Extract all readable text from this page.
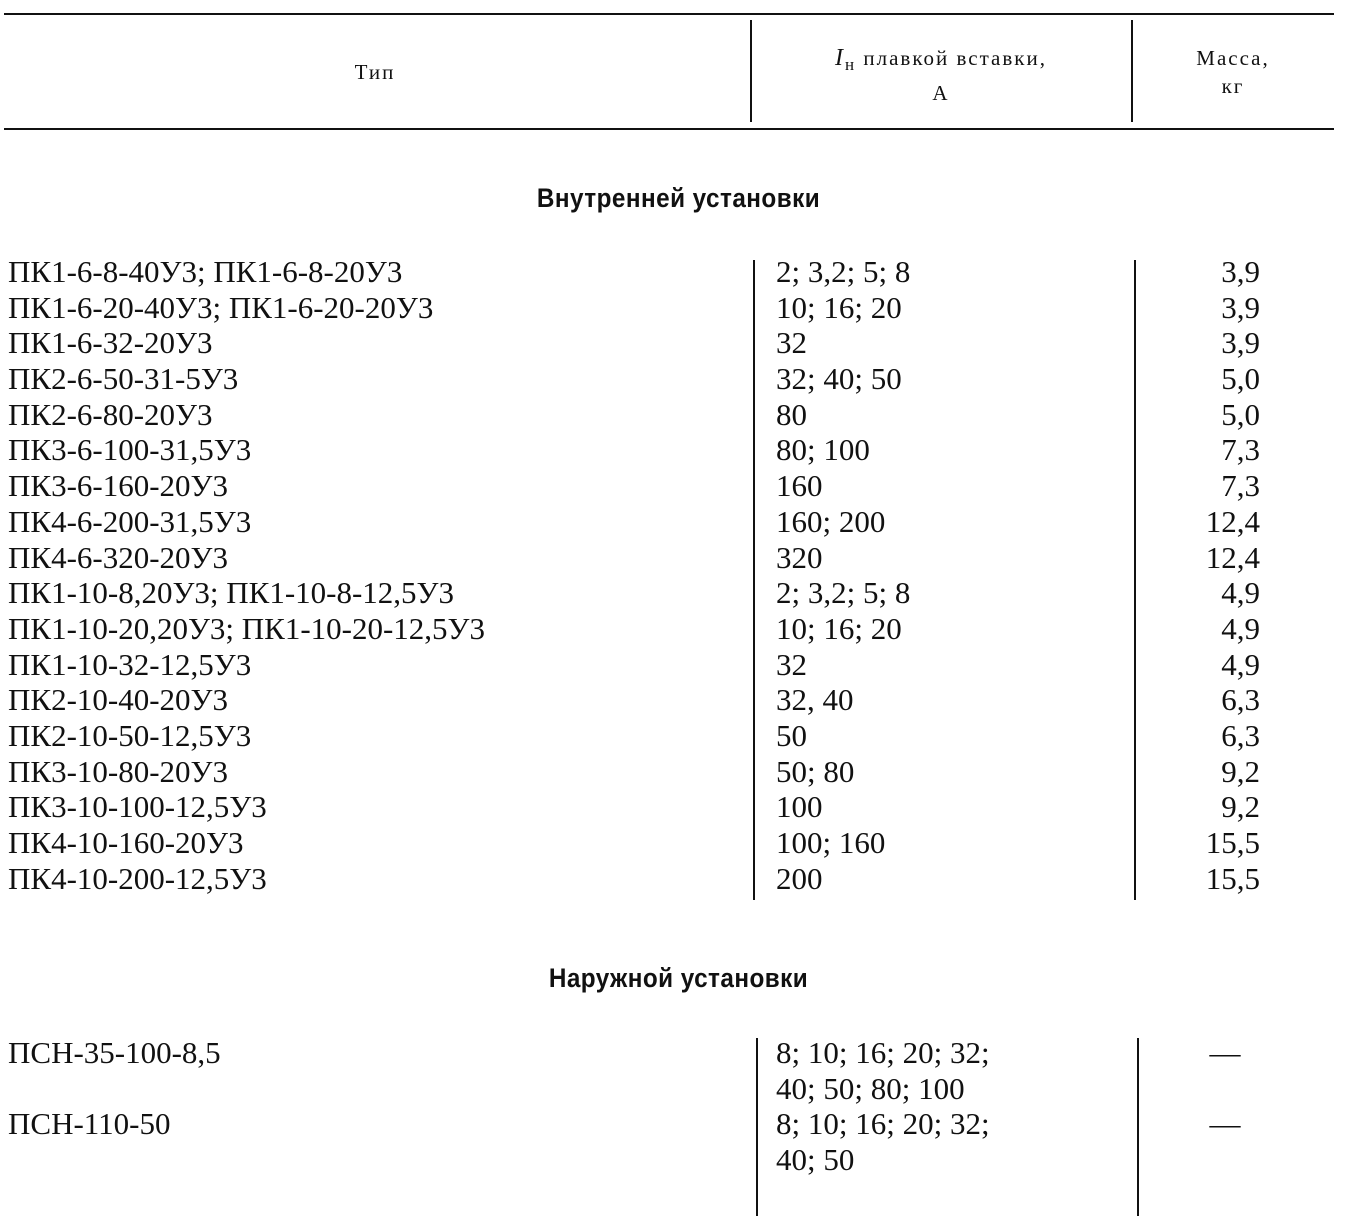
Тип
$I_н$ плавкой вставки,
А
Масса,
кг
Внутренней установки
ПК1-6-8-40У3; ПК1-6-8-20У3
ПК1-6-20-40У3; ПК1-6-20-20У3
ПК1-6-32-20У3
ПК2-6-50-31-5У3
ПК2-6-80-20У3
ПК3-6-100-31,5У3
ПК3-6-160-20У3
ПК4-6-200-31,5У3
ПК4-6-320-20У3
ПК1-10-8,20У3; ПК1-10-8-12,5У3
ПК1-10-20,20У3; ПК1-10-20-12,5У3
ПК1-10-32-12,5У3
ПК2-10-40-20У3
ПК2-10-50-12,5У3
ПК3-10-80-20У3
ПК3-10-100-12,5У3
ПК4-10-160-20У3
ПК4-10-200-12,5У3
2; 3,2; 5; 8
10; 16; 20
32
32; 40; 50
80
80; 100
160
160; 200
320
2; 3,2; 5; 8
10; 16; 20
32
32, 40
50
50; 80
100
100; 160
200
3,9
3,9
3,9
5,0
5,0
7,3
7,3
12,4
12,4
4,9
4,9
4,9
6,3
6,3
9,2
9,2
15,5
15,5
Наружной установки
ПСН-35-100-8,5
ПСН-110-50
8; 10; 16; 20; 32;
40; 50; 80; 100
8; 10; 16; 20; 32;
40; 50
—
—
